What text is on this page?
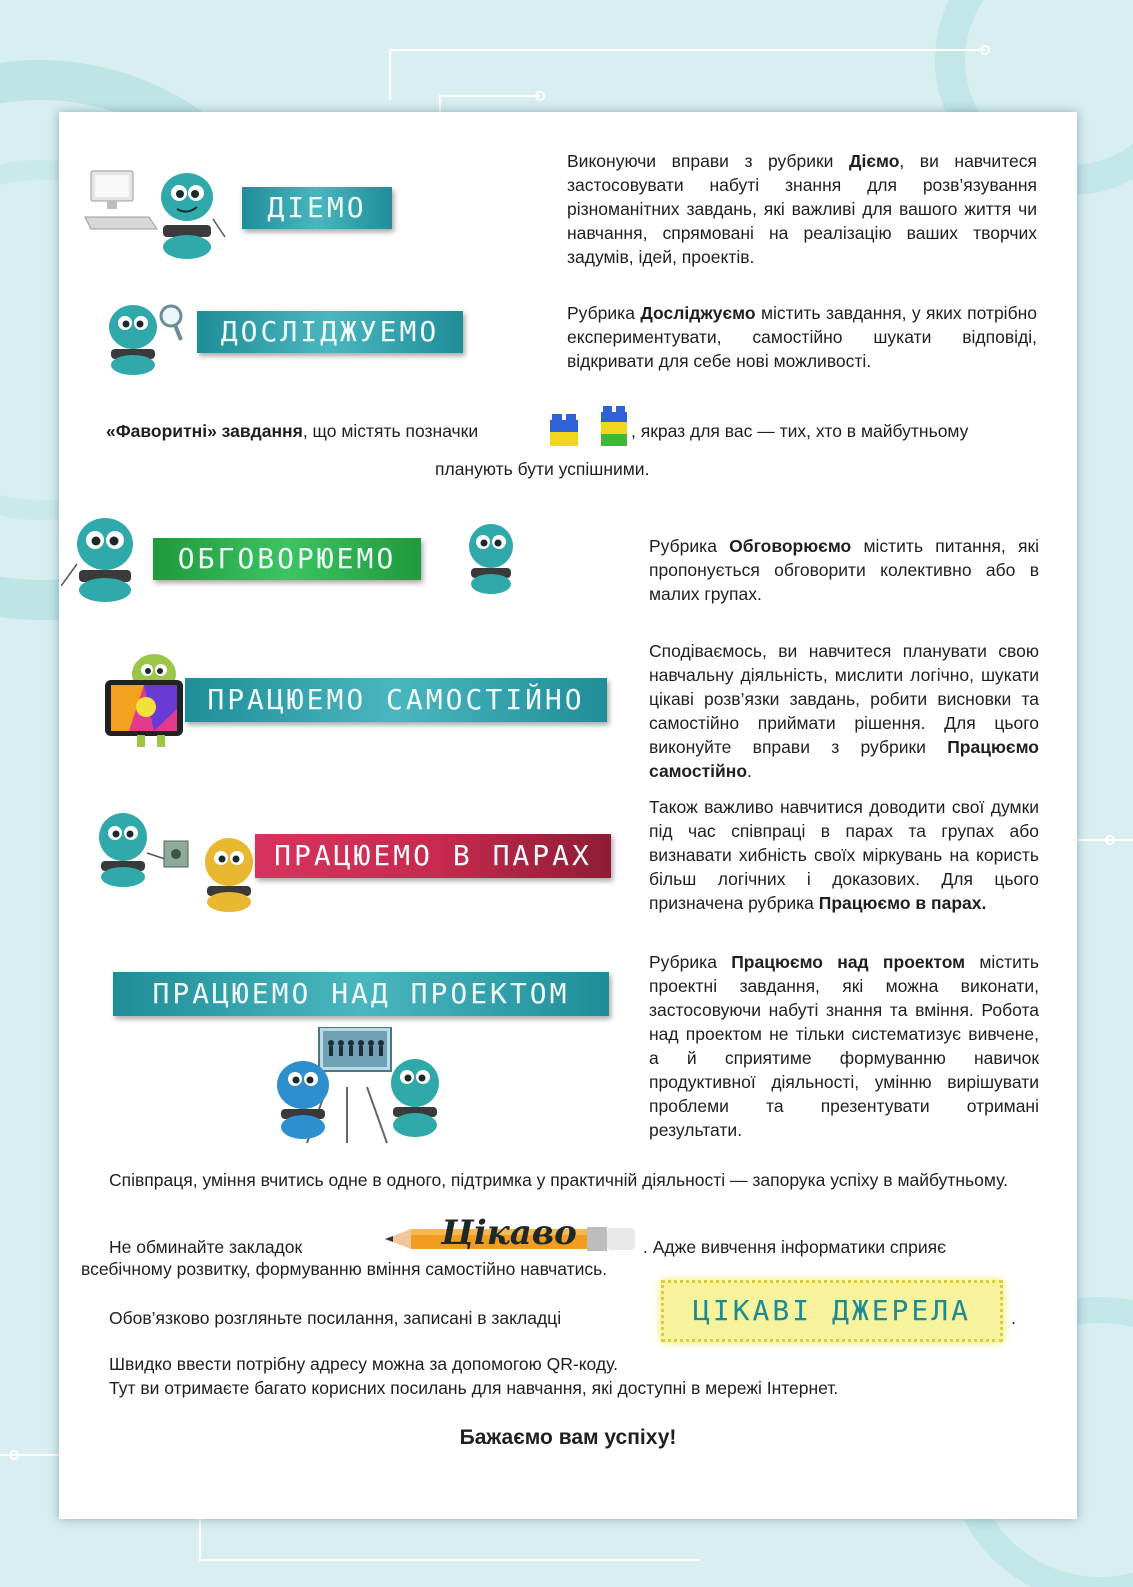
ДІЕМО

Виконуючи вправи з рубрики Діємо, ви навчитеся застосовувати набуті знання для розв’язування різноманітних завдань, які важливі для вашого життя чи навчання, спрямовані на реалізацію ваших творчих задумів, ідей, проектів.

ДОСЛІДЖУЕМО

Рубрика Досліджуємо містить завдання, у яких потрібно експериментувати, самостійно шукати відповіді, відкривати для себе нові можливості.

«Фаворитні» завдання, що містять позначки	, якраз для вас — тих, хто в майбутньому
планують бути успішними.
ОБГОВОРЮЕМО	Рубрика Обговорюємо містить питання, які пропонується обговорити колективно або в малих групах.

ПРАЦЮЕМО САМОСТІЙНО

Сподіваємось, ви навчитеся планувати свою навчальну діяльність, мислити логічно, шукати цікаві розв’язки завдань, робити висновки та самостійно приймати рішення. Для цього виконуйте вправи з рубрики Працюємо самостійно.

ПРАЦЮЕМО В ПАРАХ

Також важливо навчитися доводити свої думки під час співпраці в парах та групах або визнавати хибність своїх міркувань на користь більш логічних і доказових. Для цього призначена рубрика Працюємо в парах.

ПРАЦЮЕМО НАД ПРОЕКТОМ

Рубрика Працюємо над проектом містить проектні завдання, які можна виконати, застосовуючи набуті знання та вміння. Робота над проектом не тільки систематизує вивчене, а й сприятиме формуванню навичок продуктивної діяльності, умінню вирішувати проблеми та презентувати отримані результати.

Співпраця, уміння вчитись одне в одного, підтримка у практичній діяльності — запорука успіху в майбутньому.

Не обминайте закладок	Цікаво	. Адже вивчення інформатики сприяє
всебічному розвитку, формуванню вміння самостійно навчатись.
Обов’язково розгляньте посилання, записані в закладці	ЦІКАВІ ДЖЕРЕЛА	.
Швидко ввести потрібну адресу можна за допомогою QR-коду.
Тут ви отримаєте багато корисних посилань для навчання, які доступні в мережі Інтернет.
Бажаємо вам успіху!
